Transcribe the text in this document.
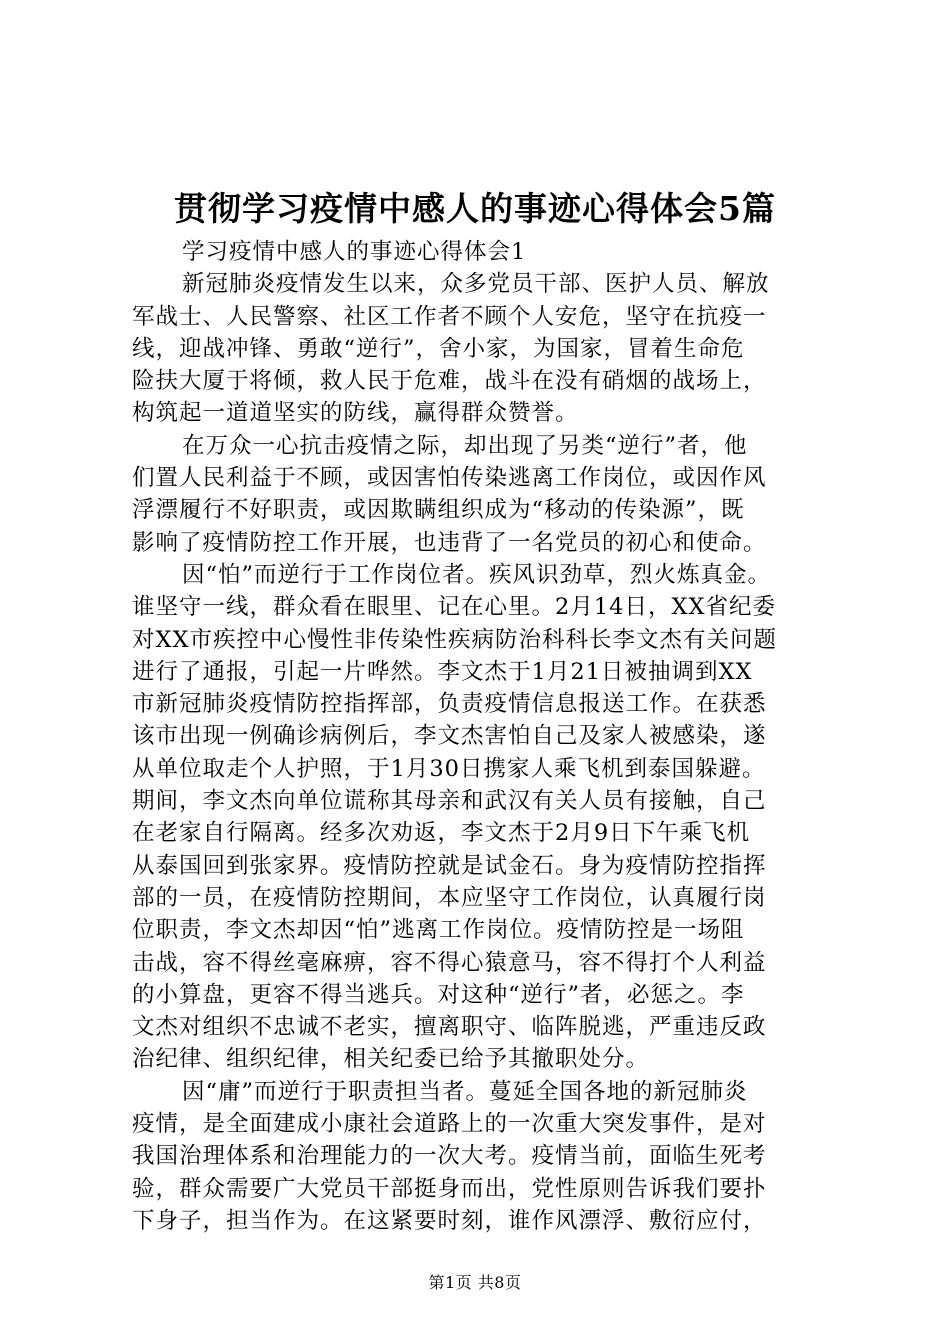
贯彻学习疫情中感人的事迹心得体会5篇
学习疫情中感人的事迹心得体会1
新冠肺炎疫情发生以来，众多党员干部、医护人员、解放
军战士、人民警察、社区工作者不顾个人安危，坚守在抗疫一
线，迎战冲锋、勇敢“逆行”，舍小家，为国家，冒着生命危
险扶大厦于将倾，救人民于危难，战斗在没有硝烟的战场上，
构筑起一道道坚实的防线，赢得群众赞誉。
在万众一心抗击疫情之际，却出现了另类“逆行”者，他
们置人民利益于不顾，或因害怕传染逃离工作岗位，或因作风
浮漂履行不好职责，或因欺瞒组织成为“移动的传染源”，既
影响了疫情防控工作开展，也违背了一名党员的初心和使命。
因“怕”而逆行于工作岗位者。疾风识劲草，烈火炼真金。
谁坚守一线，群众看在眼里、记在心里。2月14日，XX省纪委
对XX市疾控中心慢性非传染性疾病防治科科长李文杰有关问题
进行了通报，引起一片哗然。李文杰于1月21日被抽调到XX
市新冠肺炎疫情防控指挥部，负责疫情信息报送工作。在获悉
该市出现一例确诊病例后，李文杰害怕自己及家人被感染，遂
从单位取走个人护照，于1月30日携家人乘飞机到泰国躲避。
期间，李文杰向单位谎称其母亲和武汉有关人员有接触，自己
在老家自行隔离。经多次劝返，李文杰于2月9日下午乘飞机
从泰国回到张家界。疫情防控就是试金石。身为疫情防控指挥
部的一员，在疫情防控期间，本应坚守工作岗位，认真履行岗
位职责，李文杰却因“怕”逃离工作岗位。疫情防控是一场阻
击战，容不得丝毫麻痹，容不得心猿意马，容不得打个人利益
的小算盘，更容不得当逃兵。对这种“逆行”者，必惩之。李
文杰对组织不忠诚不老实，擅离职守、临阵脱逃，严重违反政
治纪律、组织纪律，相关纪委已给予其撤职处分。
因“庸”而逆行于职责担当者。蔓延全国各地的新冠肺炎
疫情，是全面建成小康社会道路上的一次重大突发事件，是对
我国治理体系和治理能力的一次大考。疫情当前，面临生死考
验，群众需要广大党员干部挺身而出，党性原则告诉我们要扑
下身子，担当作为。在这紧要时刻，谁作风漂浮、敷衍应付，
第1页 共8页
